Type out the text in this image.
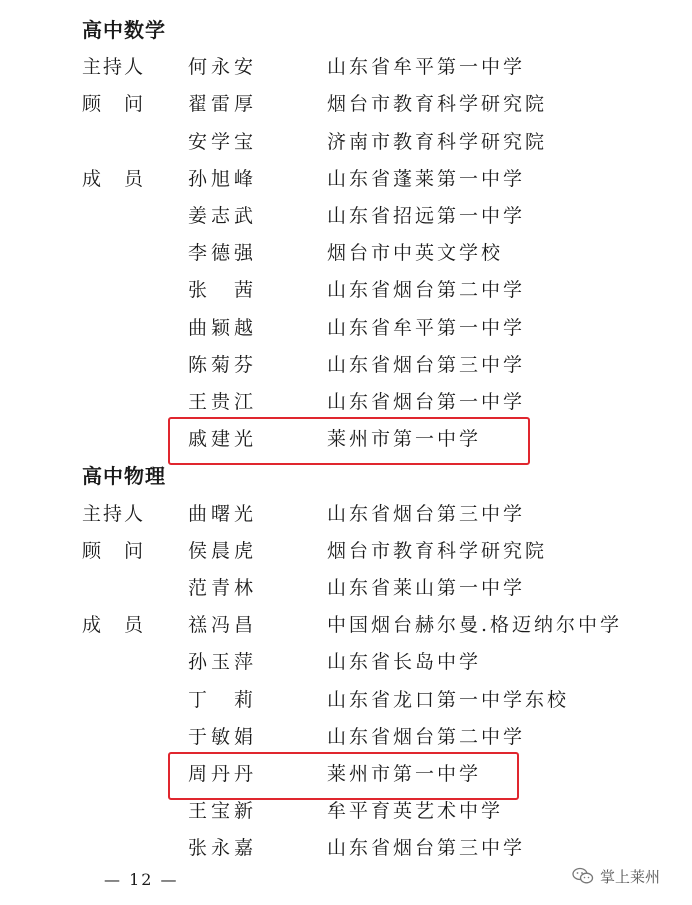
高中数学
主持人 何永安	山东省牟平第一中学
顾　问 翟雷厚	烟台市教育科学研究院
安学宝	济南市教育科学研究院
成　员 孙旭峰	山东省蓬莱第一中学
姜志武	山东省招远第一中学
李德强	烟台市中英文学校
张　茜	山东省烟台第二中学
曲颖越	山东省牟平第一中学
陈菊芬	山东省烟台第三中学
王贵江	山东省烟台第一中学
戚建光	莱州市第一中学
高中物理
主持人 曲曙光	山东省烟台第三中学
顾　问 侯晨虎	烟台市教育科学研究院
范青林	山东省莱山第一中学
成　员 禚冯昌	中国烟台赫尔曼.格迈纳尔中学
孙玉萍	山东省长岛中学
丁　莉	山东省龙口第一中学东校
于敏娟	山东省烟台第二中学
周丹丹	莱州市第一中学
王宝新	牟平育英艺术中学
张永嘉	山东省烟台第三中学
— 12 —	掌上莱州
